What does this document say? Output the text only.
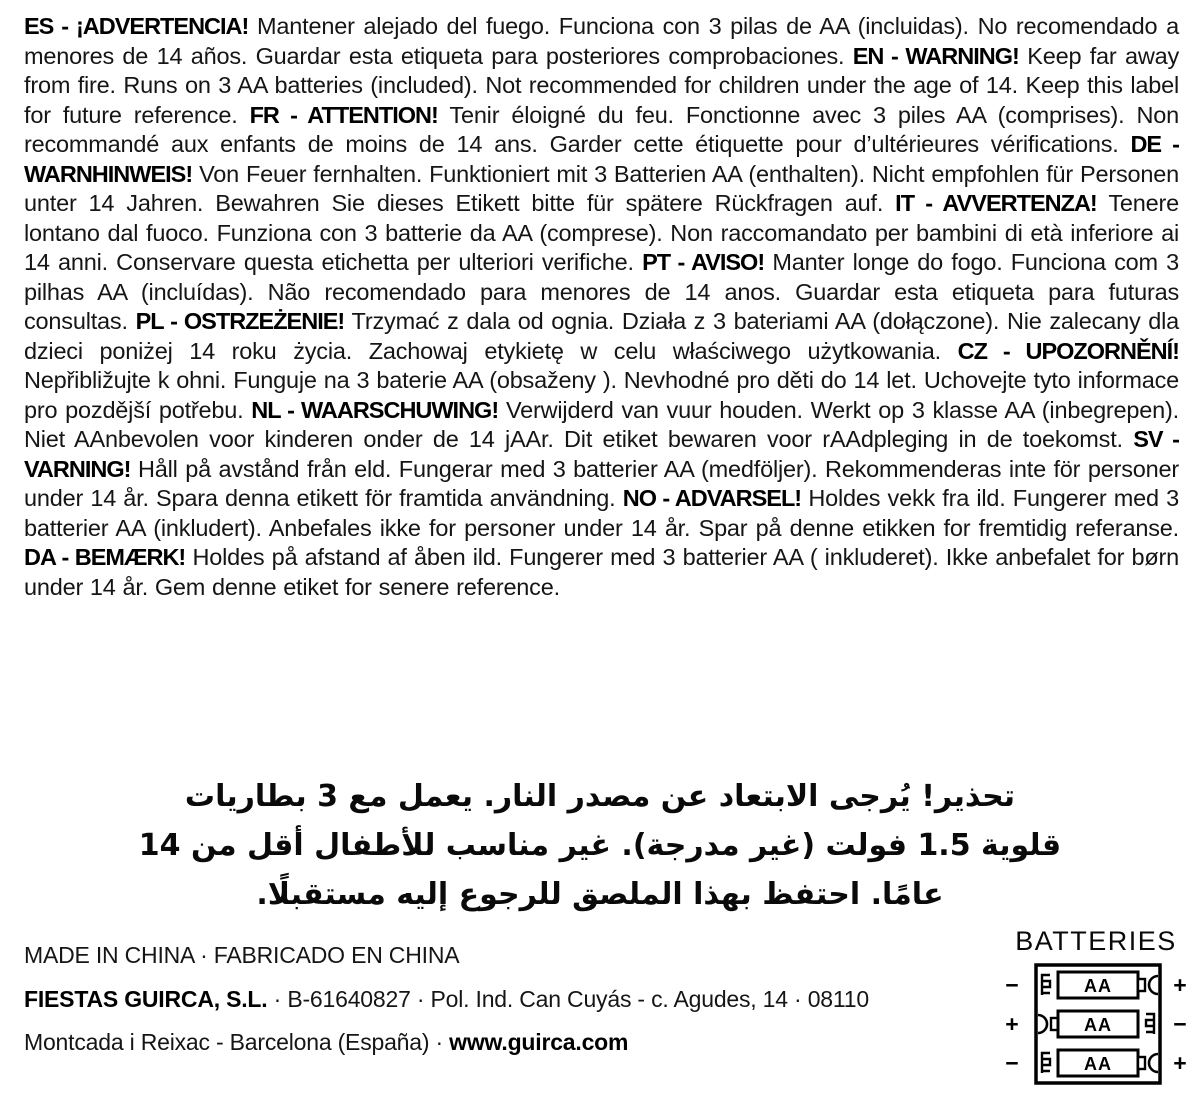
ES - ¡ADVERTENCIA! Mantener alejado del fuego. Funciona con 3 pilas de AA (incluidas). No recomendado a menores de 14 años. Guardar esta etiqueta para posteriores comprobaciones. EN - WARNING! Keep far away from fire. Runs on 3 AA batteries (included). Not recommended for children under the age of 14. Keep this label for future reference. FR - ATTENTION! Tenir éloigné du feu. Fonctionne avec 3 piles AA (comprises). Non recommandé aux enfants de moins de 14 ans. Garder cette étiquette pour d’ultérieures vérifications. DE - WARNHINWEIS! Von Feuer fernhalten. Funktioniert mit 3 Batterien AA (enthalten). Nicht empfohlen für Personen unter 14 Jahren. Bewahren Sie dieses Etikett bitte für spätere Rückfragen auf. IT - AVVERTENZA! Tenere lontano dal fuoco. Funziona con 3 batterie da AA (comprese). Non raccomandato per bambini di età inferiore ai 14 anni. Conservare questa etichetta per ulteriori verifiche. PT - AVISO! Manter longe do fogo. Funciona com 3 pilhas AA (incluídas). Não recomendado para menores de 14 anos. Guardar esta etiqueta para futuras consultas. PL - OSTRZEŻENIE! Trzymać z dala od ognia. Działa z 3 bateriami AA (dołączone). Nie zalecany dla dzieci poniżej 14 roku życia. Zachowaj etykietę w celu właściwego użytkowania. CZ - UPOZORNĚNÍ! Nepřibližujte k ohni. Funguje na 3 baterie AA (obsaženy ). Nevhodné pro děti do 14 let. Uchovejte tyto informace pro pozdější potřebu. NL - WAARSCHUWING! Verwijderd van vuur houden. Werkt op 3 klasse AA (inbegrepen). Niet AAnbevolen voor kinderen onder de 14 jAAr. Dit etiket bewaren voor rAAdpleging in de toekomst. SV - VARNING! Håll på avstånd från eld. Fungerar med 3 batterier AA (medföljer). Rekommenderas inte för personer under 14 år. Spara denna etikett för framtida användning. NO - ADVARSEL! Holdes vekk fra ild. Fungerer med 3 batterier AA (inkludert). Anbefales ikke for personer under 14 år. Spar på denne etikken for fremtidig referanse. DA - BEMÆRK! Holdes på afstand af åben ild. Fungerer med 3 batterier AA ( inkluderet). Ikke anbefalet for børn under 14 år. Gem denne etiket for senere reference.

تحذير! يُرجى الابتعاد عن مصدر النار. يعمل مع 3 بطاريات
قلوية 1.5 فولت (غير مدرجة). غير مناسب للأطفال أقل من 14
عامًا. احتفظ بهذا الملصق للرجوع إليه مستقبلًا.

MADE IN CHINA · FABRICADO EN CHINA

FIESTAS GUIRCA, S.L. · B-61640827 · Pol. Ind. Can Cuyás - c. Agudes, 14 · 08110

Montcada i Reixac - Barcelona (España) · www.guirca.com

BATTERIES
−	AA	+
+	AA	−
−	AA	+
